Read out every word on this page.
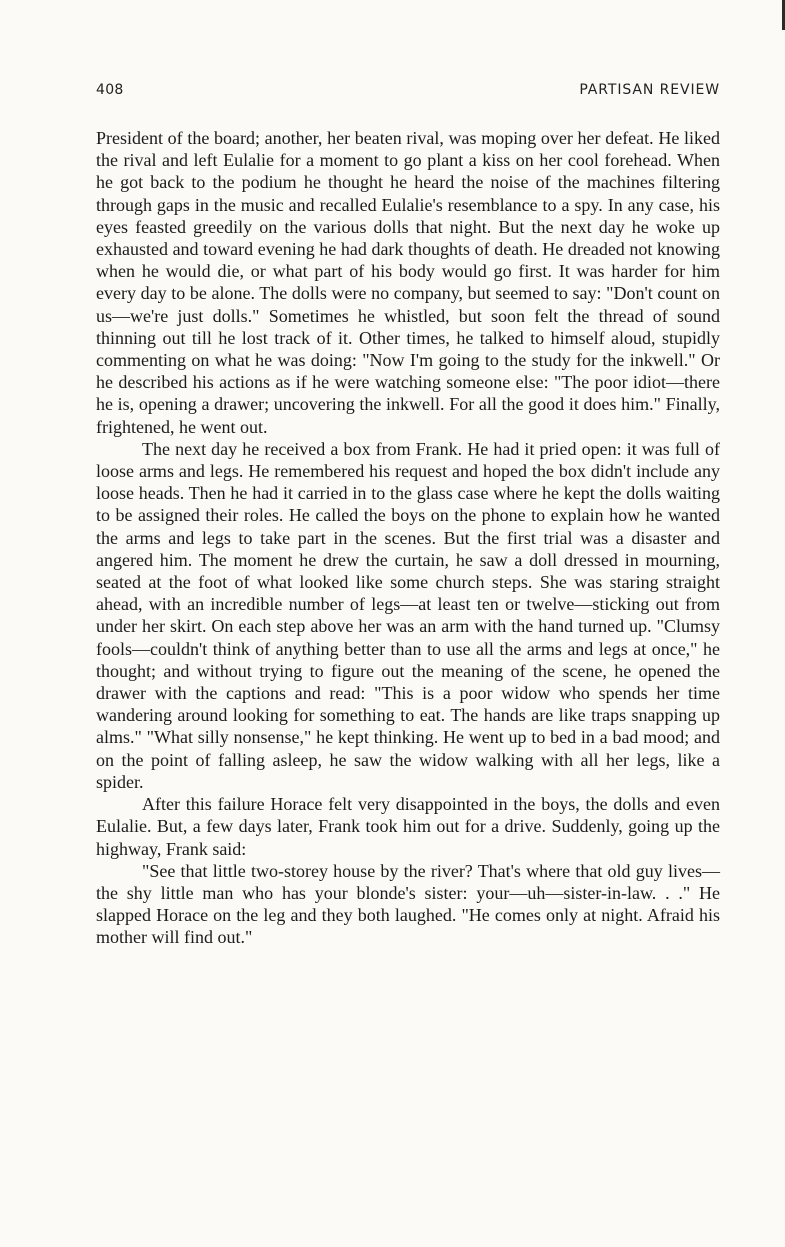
408	PARTISAN REVIEW

President of the board; another, her beaten rival, was moping over her defeat. He liked the rival and left Eulalie for a moment to go plant a kiss on her cool forehead. When he got back to the podium he thought he heard the noise of the machines filtering through gaps in the music and recalled Eulalie's resemblance to a spy. In any case, his eyes feasted greedily on the various dolls that night. But the next day he woke up exhausted and toward evening he had dark thoughts of death. He dreaded not knowing when he would die, or what part of his body would go first. It was harder for him every day to be alone. The dolls were no company, but seemed to say: "Don't count on us—we're just dolls." Sometimes he whistled, but soon felt the thread of sound thinning out till he lost track of it. Other times, he talked to himself aloud, stupidly commenting on what he was doing: "Now I'm going to the study for the inkwell." Or he described his actions as if he were watching someone else: "The poor idiot—there he is, opening a drawer; uncovering the inkwell. For all the good it does him." Finally, frightened, he went out.

The next day he received a box from Frank. He had it pried open: it was full of loose arms and legs. He remembered his request and hoped the box didn't include any loose heads. Then he had it carried in to the glass case where he kept the dolls waiting to be assigned their roles. He called the boys on the phone to explain how he wanted the arms and legs to take part in the scenes. But the first trial was a disaster and angered him. The moment he drew the curtain, he saw a doll dressed in mourning, seated at the foot of what looked like some church steps. She was staring straight ahead, with an incredible number of legs—at least ten or twelve—sticking out from under her skirt. On each step above her was an arm with the hand turned up. "Clumsy fools—couldn't think of anything better than to use all the arms and legs at once," he thought; and without trying to figure out the meaning of the scene, he opened the drawer with the captions and read: "This is a poor widow who spends her time wandering around looking for something to eat. The hands are like traps snapping up alms." "What silly nonsense," he kept thinking. He went up to bed in a bad mood; and on the point of falling asleep, he saw the widow walking with all her legs, like a spider.

After this failure Horace felt very disappointed in the boys, the dolls and even Eulalie. But, a few days later, Frank took him out for a drive. Suddenly, going up the highway, Frank said:

"See that little two-storey house by the river? That's where that old guy lives—the shy little man who has your blonde's sister: your—uh—sister-in-law. . ." He slapped Horace on the leg and they both laughed. "He comes only at night. Afraid his mother will find out."
